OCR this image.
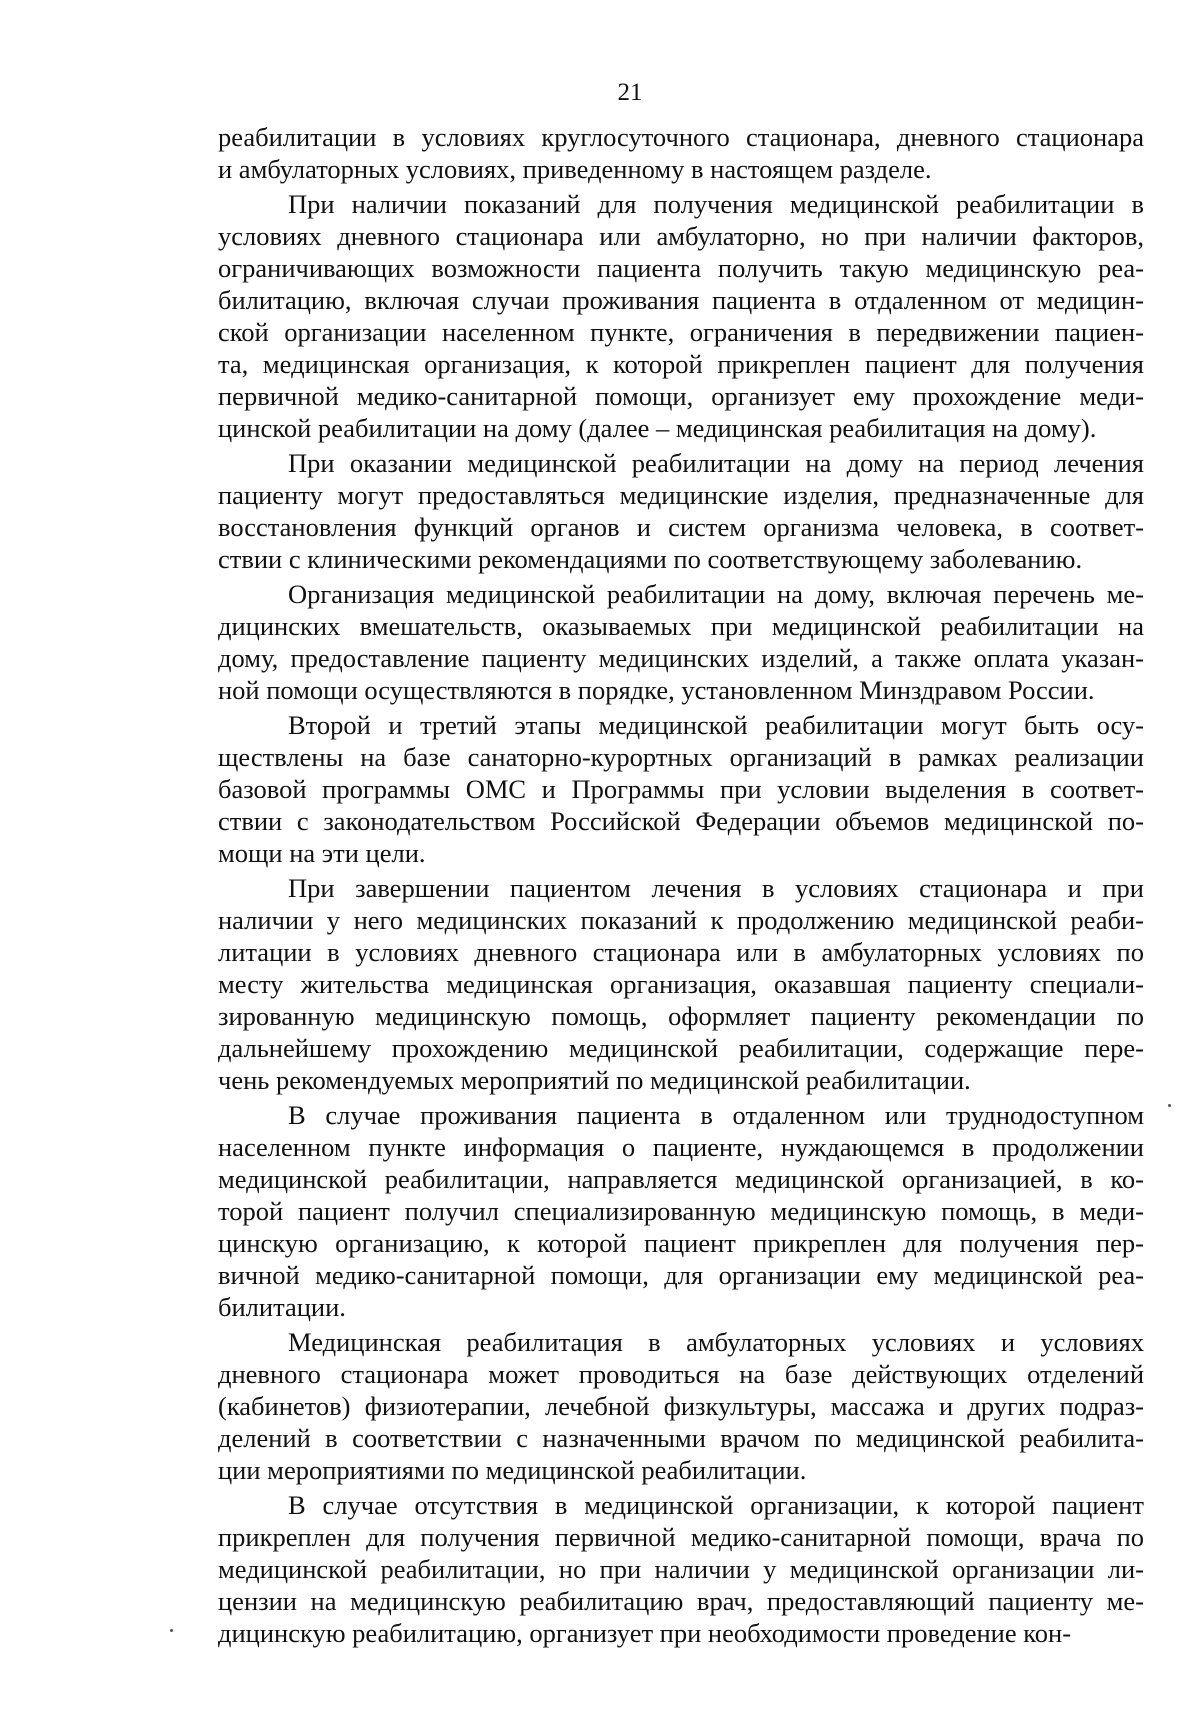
21
реабилитации в условиях круглосуточного стационара, дневного стационара
и амбулаторных условиях, приведенному в настоящем разделе.
При наличии показаний для получения медицинской реабилитации в
условиях дневного стационара или амбулаторно, но при наличии факторов,
ограничивающих возможности пациента получить такую медицинскую реа-
билитацию, включая случаи проживания пациента в отдаленном от медицин-
ской организации населенном пункте, ограничения в передвижении пациен-
та, медицинская организация, к которой прикреплен пациент для получения
первичной медико-санитарной помощи, организует ему прохождение меди-
цинской реабилитации на дому (далее – медицинская реабилитация на дому).
При оказании медицинской реабилитации на дому на период лечения
пациенту могут предоставляться медицинские изделия, предназначенные для
восстановления функций органов и систем организма человека, в соответ-
ствии с клиническими рекомендациями по соответствующему заболеванию.
Организация медицинской реабилитации на дому, включая перечень ме-
дицинских вмешательств, оказываемых при медицинской реабилитации на
дому, предоставление пациенту медицинских изделий, а также оплата указан-
ной помощи осуществляются в порядке, установленном Минздравом России.
Второй и третий этапы медицинской реабилитации могут быть осу-
ществлены на базе санаторно-курортных организаций в рамках реализации
базовой программы ОМС и Программы при условии выделения в соответ-
ствии с законодательством Российской Федерации объемов медицинской по-
мощи на эти цели.
При завершении пациентом лечения в условиях стационара и при
наличии у него медицинских показаний к продолжению медицинской реаби-
литации в условиях дневного стационара или в амбулаторных условиях по
месту жительства медицинская организация, оказавшая пациенту специали-
зированную медицинскую помощь, оформляет пациенту рекомендации по
дальнейшему прохождению медицинской реабилитации, содержащие пере-
чень рекомендуемых мероприятий по медицинской реабилитации.
В случае проживания пациента в отдаленном или труднодоступном
населенном пункте информация о пациенте, нуждающемся в продолжении
медицинской реабилитации, направляется медицинской организацией, в ко-
торой пациент получил специализированную медицинскую помощь, в меди-
цинскую организацию, к которой пациент прикреплен для получения пер-
вичной медико-санитарной помощи, для организации ему медицинской реа-
билитации.
Медицинская реабилитация в амбулаторных условиях и условиях
дневного стационара может проводиться на базе действующих отделений
(кабинетов) физиотерапии, лечебной физкультуры, массажа и других подраз-
делений в соответствии с назначенными врачом по медицинской реабилита-
ции мероприятиями по медицинской реабилитации.
В случае отсутствия в медицинской организации, к которой пациент
прикреплен для получения первичной медико-санитарной помощи, врача по
медицинской реабилитации, но при наличии у медицинской организации ли-
цензии на медицинскую реабилитацию врач, предоставляющий пациенту ме-
дицинскую реабилитацию, организует при необходимости проведение кон-
